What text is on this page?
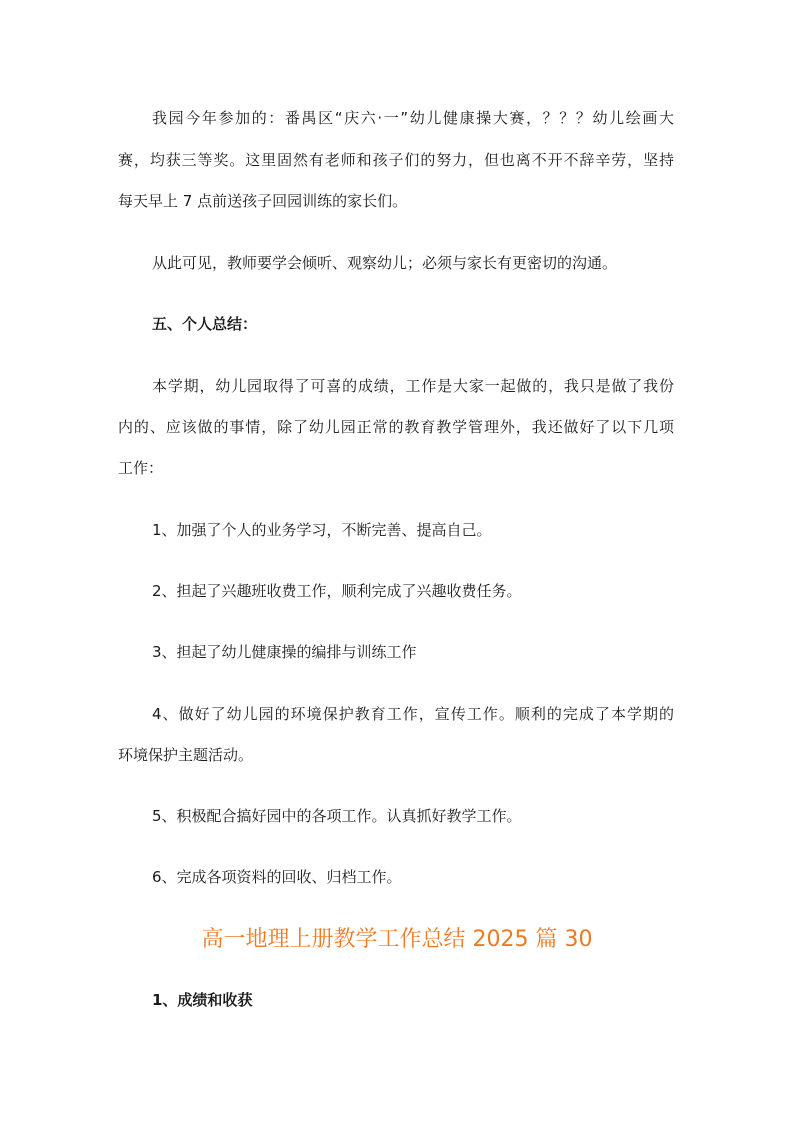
我园今年参加的：番禺区“庆六·一”幼儿健康操大赛，？？？幼儿绘画大
赛，均获三等奖。这里固然有老师和孩子们的努力，但也离不开不辞辛劳，坚持
每天早上 7 点前送孩子回园训练的家长们。
从此可见，教师要学会倾听、观察幼儿；必须与家长有更密切的沟通。
五、个人总结：
本学期，幼儿园取得了可喜的成绩，工作是大家一起做的，我只是做了我份
内的、应该做的事情，除了幼儿园正常的教育教学管理外，我还做好了以下几项
工作：
1、加强了个人的业务学习，不断完善、提高自己。
2、担起了兴趣班收费工作，顺利完成了兴趣收费任务。
3、担起了幼儿健康操的编排与训练工作
4、做好了幼儿园的环境保护教育工作，宣传工作。顺利的完成了本学期的
环境保护主题活动。
5、积极配合搞好园中的各项工作。认真抓好教学工作。
6、完成各项资料的回收、归档工作。
高一地理上册教学工作总结 2025 篇 30
1、成绩和收获
